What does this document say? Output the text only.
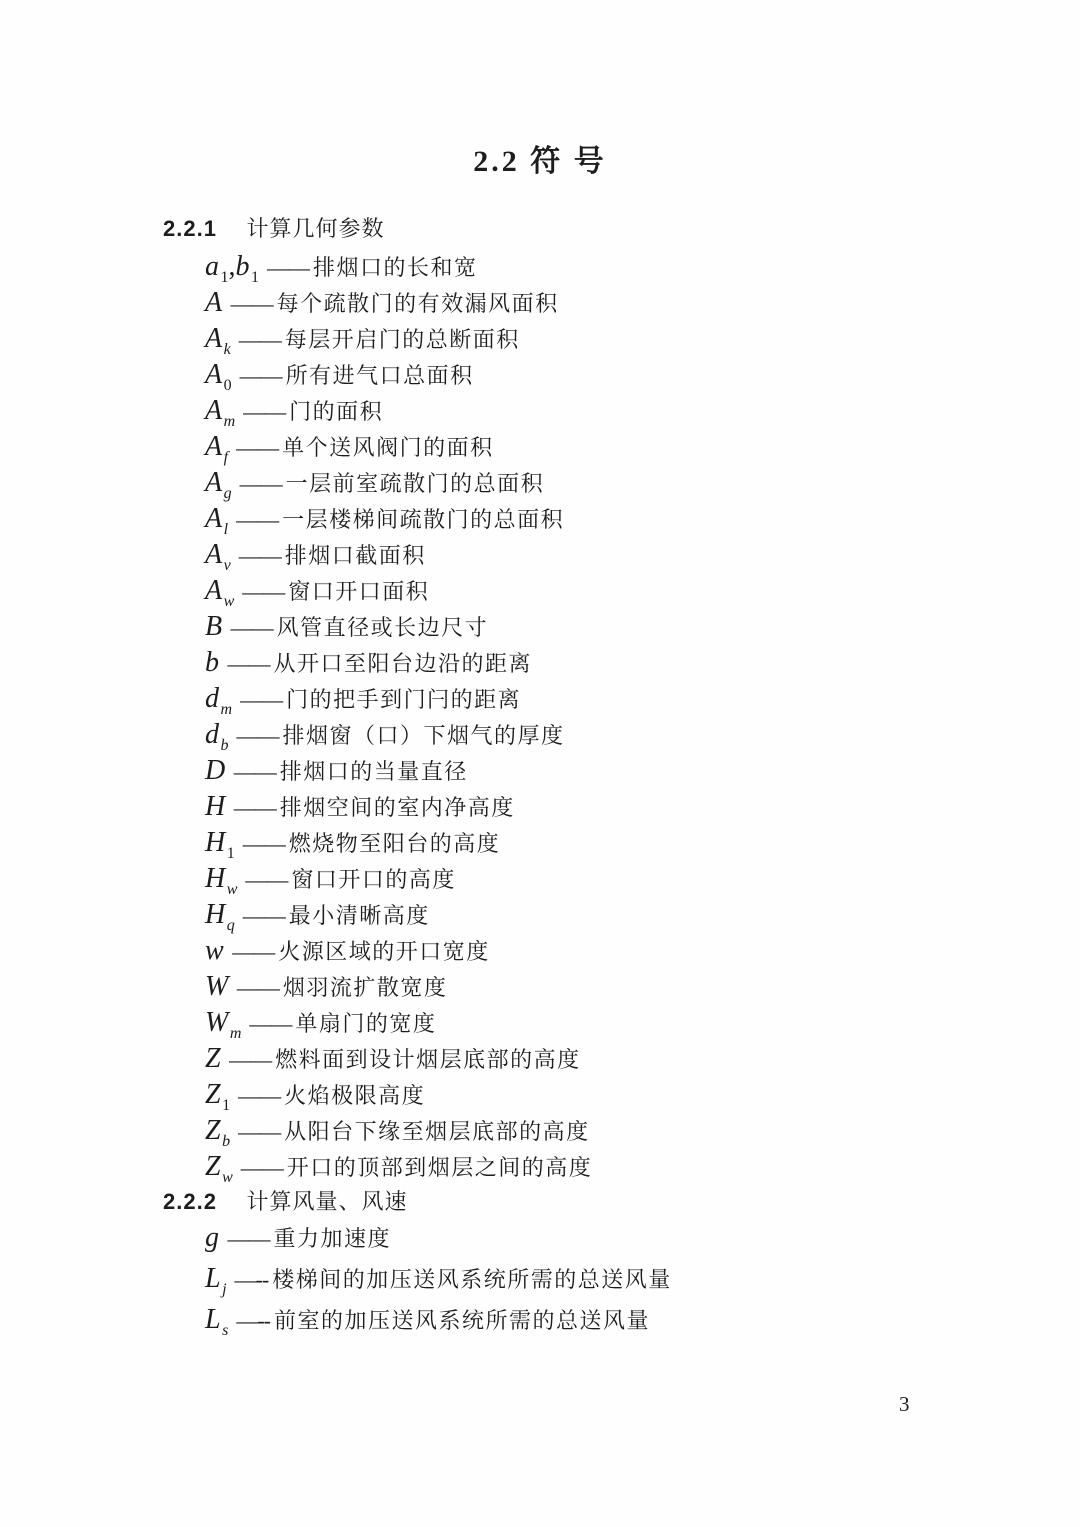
2.2 符 号
2.2.1 计算几何参数
$a_1,b_1$ —— 排烟口的长和宽
A —— 每个疏散门的有效漏风面积
$A_k$ —— 每层开启门的总断面积
$A_0$ —— 所有进气口总面积
$A_m$ —— 门的面积
$A_f$ —— 单个送风阀门的面积
$A_g$ —— 一层前室疏散门的总面积
$A_l$ —— 一层楼梯间疏散门的总面积
$A_v$ —— 排烟口截面积
$A_w$ —— 窗口开口面积
B —— 风管直径或长边尺寸
b —— 从开口至阳台边沿的距离
$d_m$ —— 门的把手到门闩的距离
$d_b$ —— 排烟窗（口）下烟气的厚度
D —— 排烟口的当量直径
H —— 排烟空间的室内净高度
$H_1$ —— 燃烧物至阳台的高度
$H_w$ —— 窗口开口的高度
$H_q$ —— 最小清晰高度
w —— 火源区域的开口宽度
W —— 烟羽流扩散宽度
$W_m$ —— 单扇门的宽度
Z —— 燃料面到设计烟层底部的高度
$Z_1$ —— 火焰极限高度
$Z_b$ —— 从阳台下缘至烟层底部的高度
$Z_w$ —— 开口的顶部到烟层之间的高度
2.2.2 计算风量、风速
g —— 重力加速度
$L_j$ —-- 楼梯间的加压送风系统所需的总送风量
$L_s$ —-- 前室的加压送风系统所需的总送风量
3
